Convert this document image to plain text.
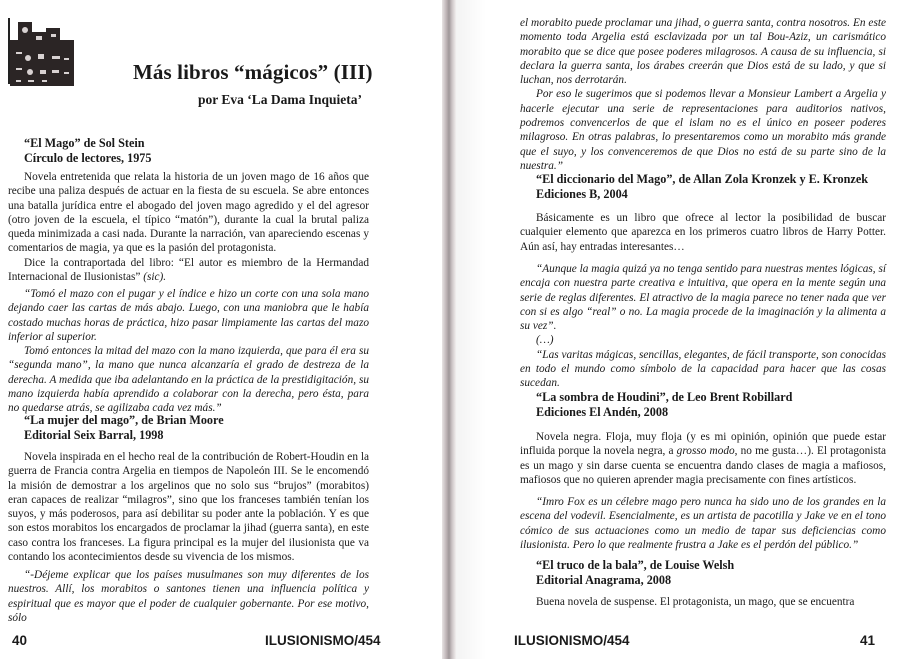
Más libros “mágicos” (III)
por Eva ‘La Dama Inquieta’
“El Mago” de Sol Stein
Círculo de lectores, 1975

Novela entretenida que relata la historia de un joven mago de 16 años que recibe una paliza después de actuar en la fiesta de su escuela. Se abre entonces una batalla jurídica entre el abogado del joven mago agredido y el del agresor (otro joven de la escuela, el típico “matón”), durante la cual la brutal paliza queda minimizada a casi nada. Durante la narración, van apareciendo escenas y comentarios de magia, ya que es la pasión del protagonista.

Dice la contraportada del libro: “El autor es miembro de la Hermandad Internacional de Ilusionistas” (sic).

“Tomó el mazo con el pugar y el índice e hizo un corte con una sola mano dejando caer las cartas de más abajo. Luego, con una maniobra que le había costado muchas horas de práctica, hizo pasar limpiamente las cartas del mazo inferior al superior.

Tomó entonces la mitad del mazo con la mano izquierda, que para él era su “segunda mano”, la mano que nunca alcanzaría el grado de destreza de la derecha. A medida que iba adelantando en la práctica de la prestidigitación, su mano izquierda había aprendido a colaborar con la derecha, pero ésta, para no quedarse atrás, se agilizaba cada vez más.”

“La mujer del mago”, de Brian Moore
Editorial Seix Barral, 1998

Novela inspirada en el hecho real de la contribución de Robert-Houdin en la guerra de Francia contra Argelia en tiempos de Napoleón III. Se le encomendó la misión de demostrar a los argelinos que no solo sus “brujos” (morabitos) eran capaces de realizar “milagros”, sino que los franceses también tenían los suyos, y más poderosos, para así debilitar su poder ante la población. Y es que son estos morabitos los encargados de proclamar la jihad (guerra santa), en este caso contra los franceses. La figura principal es la mujer del ilusionista que va contando los acontecimientos desde su vivencia de los mismos.

“-Déjeme explicar que los países musulmanes son muy diferentes de los nuestros. Allí, los morabitos o santones tienen una influencia política y espiritual que es mayor que el poder de cualquier gobernante. Por ese motivo, sólo

40	ILUSIONISMO/454

el morabito puede proclamar una jihad, o guerra santa, contra nosotros. En este momento toda Argelia está esclavizada por un tal Bou-Aziz, un carismático morabito que se dice que posee poderes milagrosos. A causa de su influencia, si declara la guerra santa, los árabes creerán que Dios está de su lado, y que si luchan, nos derrotarán.

Por eso le sugerimos que si podemos llevar a Monsieur Lambert a Argelia y hacerle ejecutar una serie de representaciones para auditorios nativos, podremos convencerlos de que el islam no es el único en poseer poderes milagroso. En otras palabras, lo presentaremos como un morabito más grande que el suyo, y los convenceremos de que Dios no está de su parte sino de la nuestra.”

“El diccionario del Mago”, de Allan Zola Kronzek y E. Kronzek
Ediciones B, 2004

Básicamente es un libro que ofrece al lector la posibilidad de buscar cualquier elemento que aparezca en los primeros cuatro libros de Harry Potter. Aún así, hay entradas interesantes…

“Aunque la magia quizá ya no tenga sentido para nuestras mentes lógicas, sí encaja con nuestra parte creativa e intuitiva, que opera en la mente según una serie de reglas diferentes. El atractivo de la magia parece no tener nada que ver con si es algo “real” o no. La magia procede de la imaginación y la alimenta a su vez”.

(…)

“Las varitas mágicas, sencillas, elegantes, de fácil transporte, son conocidas en todo el mundo como símbolo de la capacidad para hacer que las cosas sucedan.

“La sombra de Houdini”, de Leo Brent Robillard
Ediciones El Andén, 2008

Novela negra. Floja, muy floja (y es mi opinión, opinión que puede estar influida porque la novela negra, a grosso modo, no me gusta…). El protagonista es un mago y sin darse cuenta se encuentra dando clases de magia a mafiosos, mafiosos que no quieren aprender magia precisamente con fines artísticos.

“Imro Fox es un célebre mago pero nunca ha sido uno de los grandes en la escena del vodevil. Esencialmente, es un artista de pacotilla y Jake ve en el tono cómico de sus actuaciones como un medio de tapar sus deficiencias como ilusionista. Pero lo que realmente frustra a Jake es el perdón del público.”

“El truco de la bala”, de Louise Welsh
Editorial Anagrama, 2008

Buena novela de suspense. El protagonista, un mago, que se encuentra

ILUSIONISMO/454	41
